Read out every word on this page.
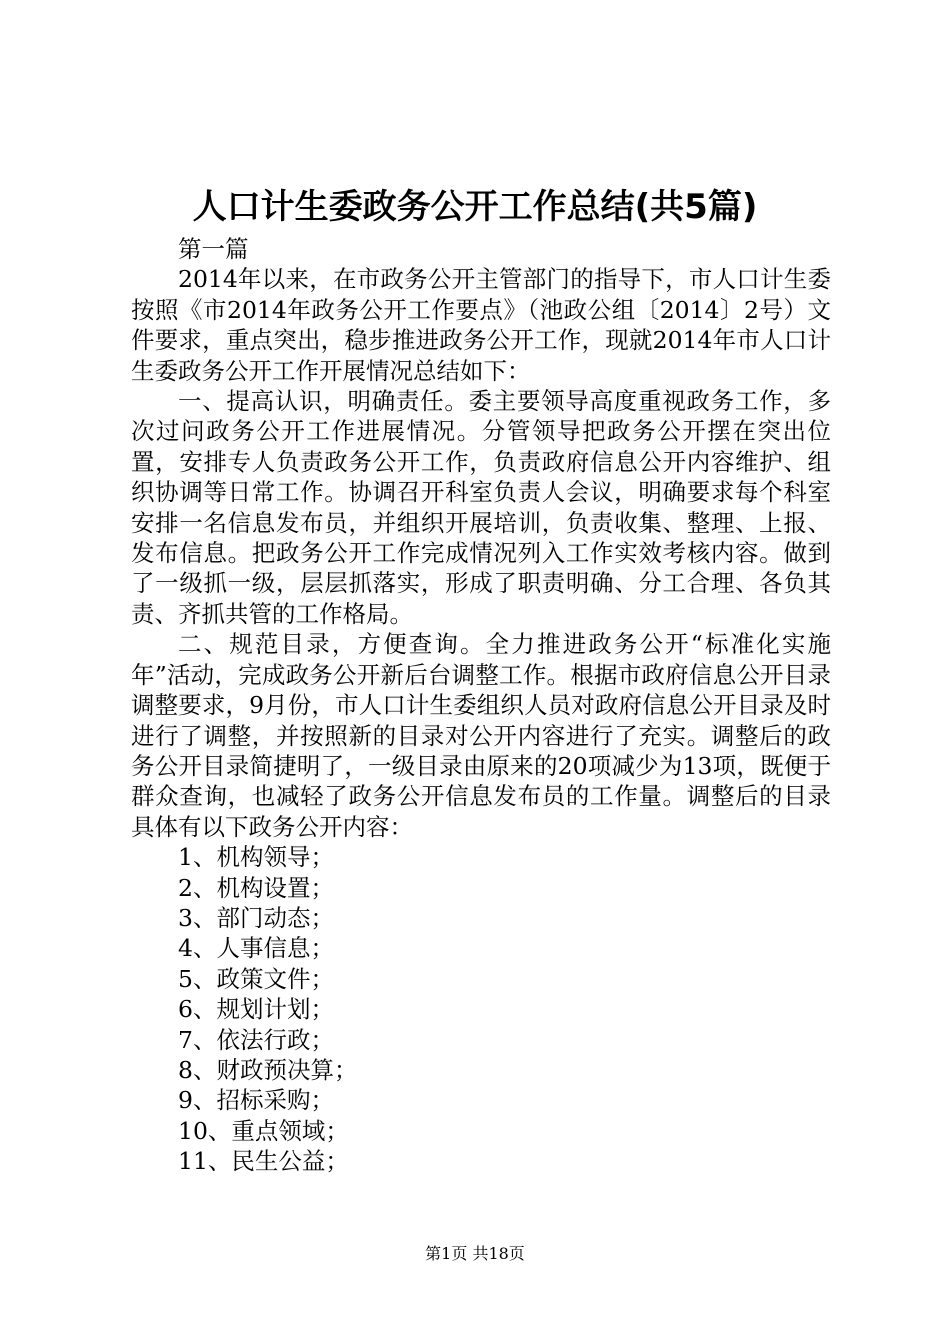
人口计生委政务公开工作总结(共5篇)

第一篇

2014年以来，在市政务公开主管部门的指导下，市人口计生委按照《市2014年政务公开工作要点》（池政公组〔2014〕2号）文件要求，重点突出，稳步推进政务公开工作，现就2014年市人口计生委政务公开工作开展情况总结如下：

一、提高认识，明确责任。委主要领导高度重视政务工作，多次过问政务公开工作进展情况。分管领导把政务公开摆在突出位置，安排专人负责政务公开工作，负责政府信息公开内容维护、组织协调等日常工作。协调召开科室负责人会议，明确要求每个科室安排一名信息发布员，并组织开展培训，负责收集、整理、上报、发布信息。把政务公开工作完成情况列入工作实效考核内容。做到了一级抓一级，层层抓落实，形成了职责明确、分工合理、各负其责、齐抓共管的工作格局。

二、规范目录，方便查询。全力推进政务公开“标准化实施年”活动，完成政务公开新后台调整工作。根据市政府信息公开目录调整要求，9月份，市人口计生委组织人员对政府信息公开目录及时进行了调整，并按照新的目录对公开内容进行了充实。调整后的政务公开目录简捷明了，一级目录由原来的20项减少为13项，既便于群众查询，也减轻了政务公开信息发布员的工作量。调整后的目录具体有以下政务公开内容：

1、机构领导；

2、机构设置；

3、部门动态；

4、人事信息；

5、政策文件；

6、规划计划；

7、依法行政；

8、财政预决算；

9、招标采购；

10、重点领域；

11、民生公益；

第1页 共18页
